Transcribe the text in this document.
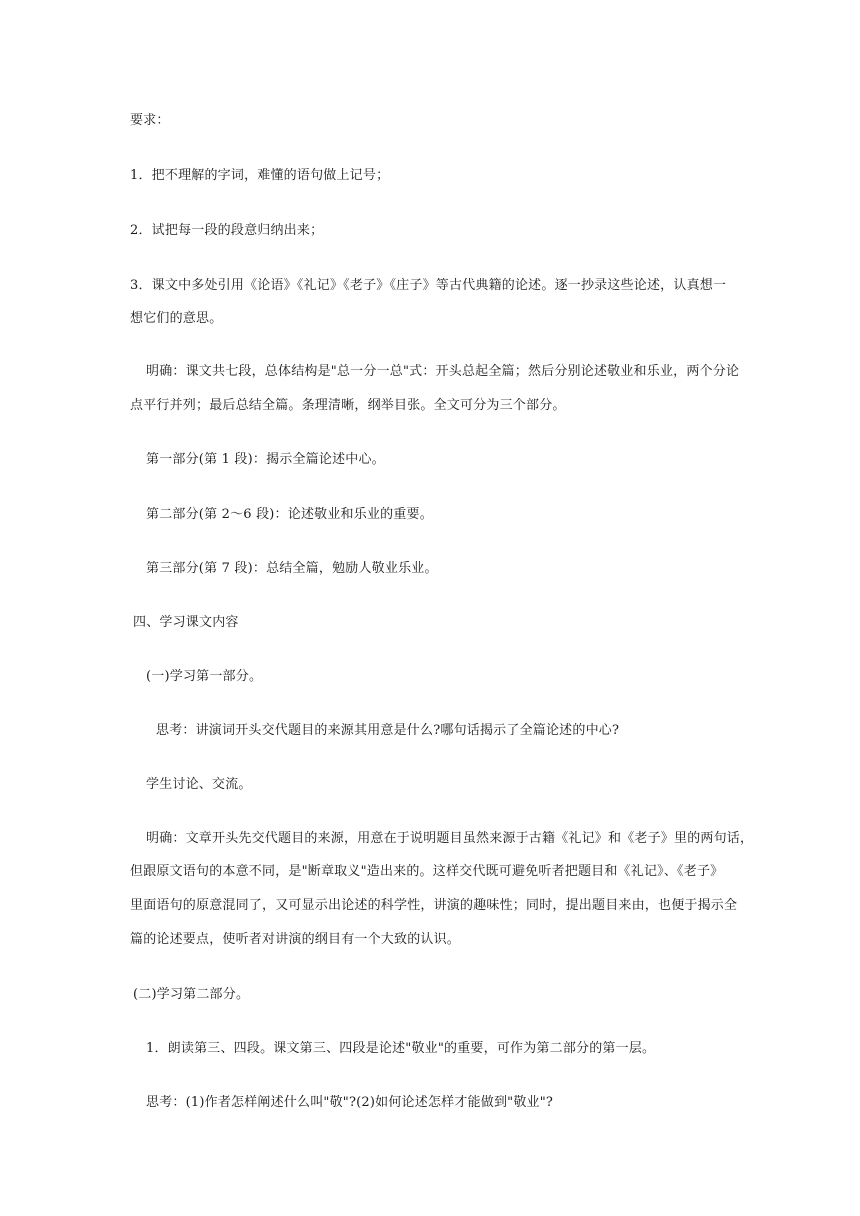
要求：
1．把不理解的字词，难懂的语句做上记号；
2．试把每一段的段意归纳出来；
3．课文中多处引用《论语》《礼记》《老子》《庄子》等古代典籍的论述。逐一抄录这些论述，认真想一
想它们的意思。
明确：课文共七段，总体结构是"总一分一总"式：开头总起全篇；然后分别论述敬业和乐业，两个分论
点平行并列；最后总结全篇。条理清晰，纲举目张。全文可分为三个部分。
第一部分(第 1 段)：揭示全篇论述中心。
第二部分(第 2～6 段)：论述敬业和乐业的重要。
第三部分(第 7 段)：总结全篇，勉励人敬业乐业。
四、学习课文内容
(一)学习第一部分。
思考：讲演词开头交代题目的来源其用意是什么?哪句话揭示了全篇论述的中心?
学生讨论、交流。
明确：文章开头先交代题目的来源，用意在于说明题目虽然来源于古籍《礼记》和《老子》里的两句话，
但跟原文语句的本意不同，是"断章取义"造出来的。这样交代既可避免听者把题目和《礼记》、《老子》
里面语句的原意混同了，又可显示出论述的科学性，讲演的趣味性；同时，提出题目来由，也便于揭示全
篇的论述要点，使听者对讲演的纲目有一个大致的认识。
(二)学习第二部分。
1．朗读第三、四段。课文第三、四段是论述"敬业"的重要，可作为第二部分的第一层。
思考：(1)作者怎样阐述什么叫"敬"?(2)如何论述怎样才能做到"敬业"?
